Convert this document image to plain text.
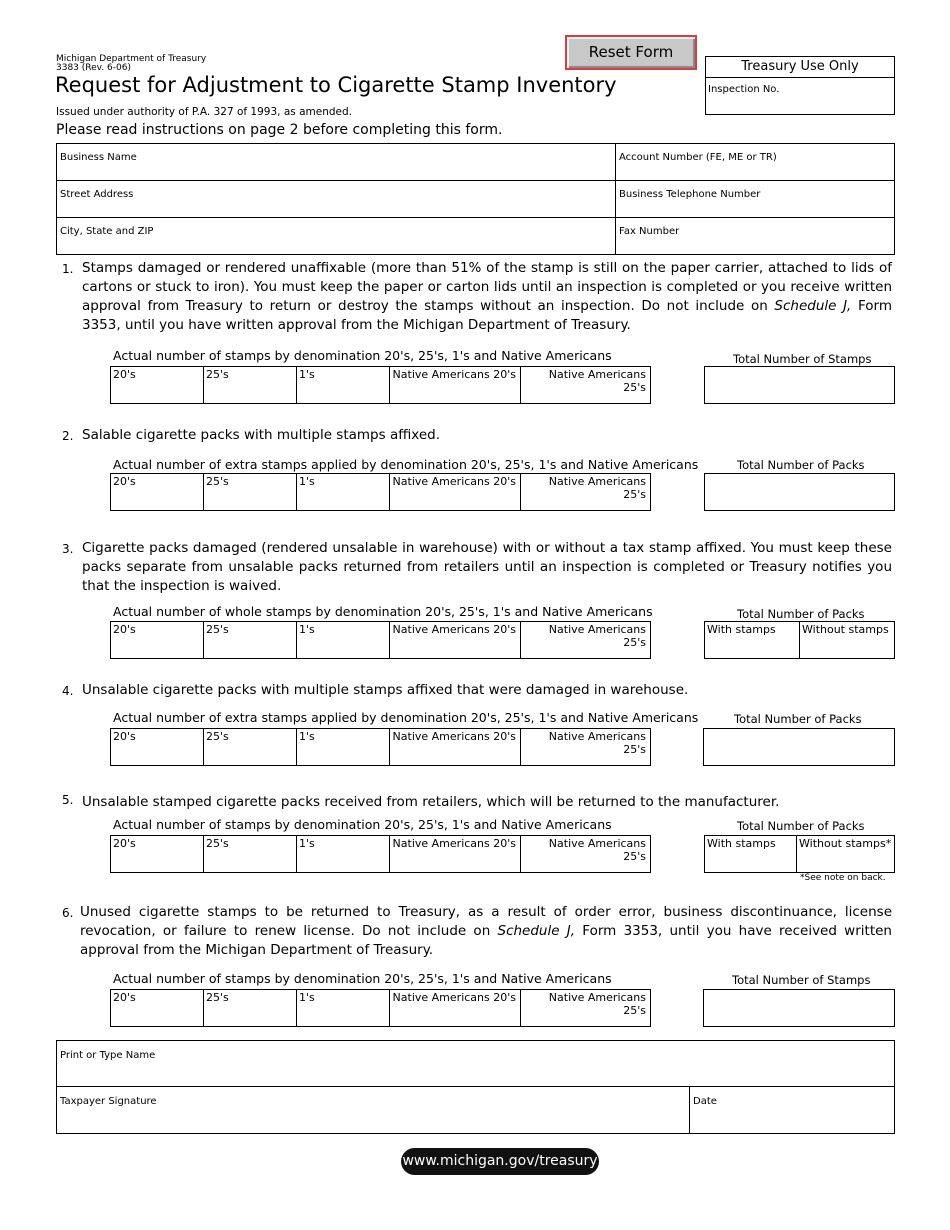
Michigan Department of Treasury
3383 (Rev. 6-06)
Request for Adjustment to Cigarette Stamp Inventory
Issued under authority of P.A. 327 of 1993, as amended.
Please read instructions on page 2 before completing this form.
Reset Form
Treasury Use Only
Inspection No.
Business Name	Account Number (FE, ME or TR)
Street Address	Business Telephone Number
City, State and ZIP	Fax Number
1. Stamps damaged or rendered unaffixable (more than 51% of the stamp is still on the paper carrier, attached to lids of cartons or stuck to iron). You must keep the paper or carton lids until an inspection is completed or you receive written approval from Treasury to return or destroy the stamps without an inspection. Do not include on Schedule J, Form 3353, until you have written approval from the Michigan Department of Treasury.
Actual number of stamps by denomination 20's, 25's, 1's and Native Americans	Total Number of Stamps
20's	25's	1's	Native Americans 20's	Native Americans 25's
2. Salable cigarette packs with multiple stamps affixed.
Actual number of extra stamps applied by denomination 20's, 25's, 1's and Native Americans	Total Number of Packs
20's	25's	1's	Native Americans 20's	Native Americans 25's
3. Cigarette packs damaged (rendered unsalable in warehouse) with or without a tax stamp affixed. You must keep these packs separate from unsalable packs returned from retailers until an inspection is completed or Treasury notifies you that the inspection is waived.
Actual number of whole stamps by denomination 20's, 25's, 1's and Native Americans	Total Number of Packs
20's	25's	1's	Native Americans 20's	Native Americans 25's
With stamps	Without stamps
4. Unsalable cigarette packs with multiple stamps affixed that were damaged in warehouse.
Actual number of extra stamps applied by denomination 20's, 25's, 1's and Native Americans	Total Number of Packs
20's	25's	1's	Native Americans 20's	Native Americans 25's
5. Unsalable stamped cigarette packs received from retailers, which will be returned to the manufacturer.
Actual number of stamps by denomination 20's, 25's, 1's and Native Americans	Total Number of Packs
20's	25's	1's	Native Americans 20's	Native Americans 25's
With stamps	Without stamps*
*See note on back.
6. Unused cigarette stamps to be returned to Treasury, as a result of order error, business discontinuance, license revocation, or failure to renew license. Do not include on Schedule J, Form 3353, until you have received written approval from the Michigan Department of Treasury.
Actual number of stamps by denomination 20's, 25's, 1's and Native Americans	Total Number of Stamps
20's	25's	1's	Native Americans 20's	Native Americans 25's
Print or Type Name
Taxpayer Signature	Date
www.michigan.gov/treasury
